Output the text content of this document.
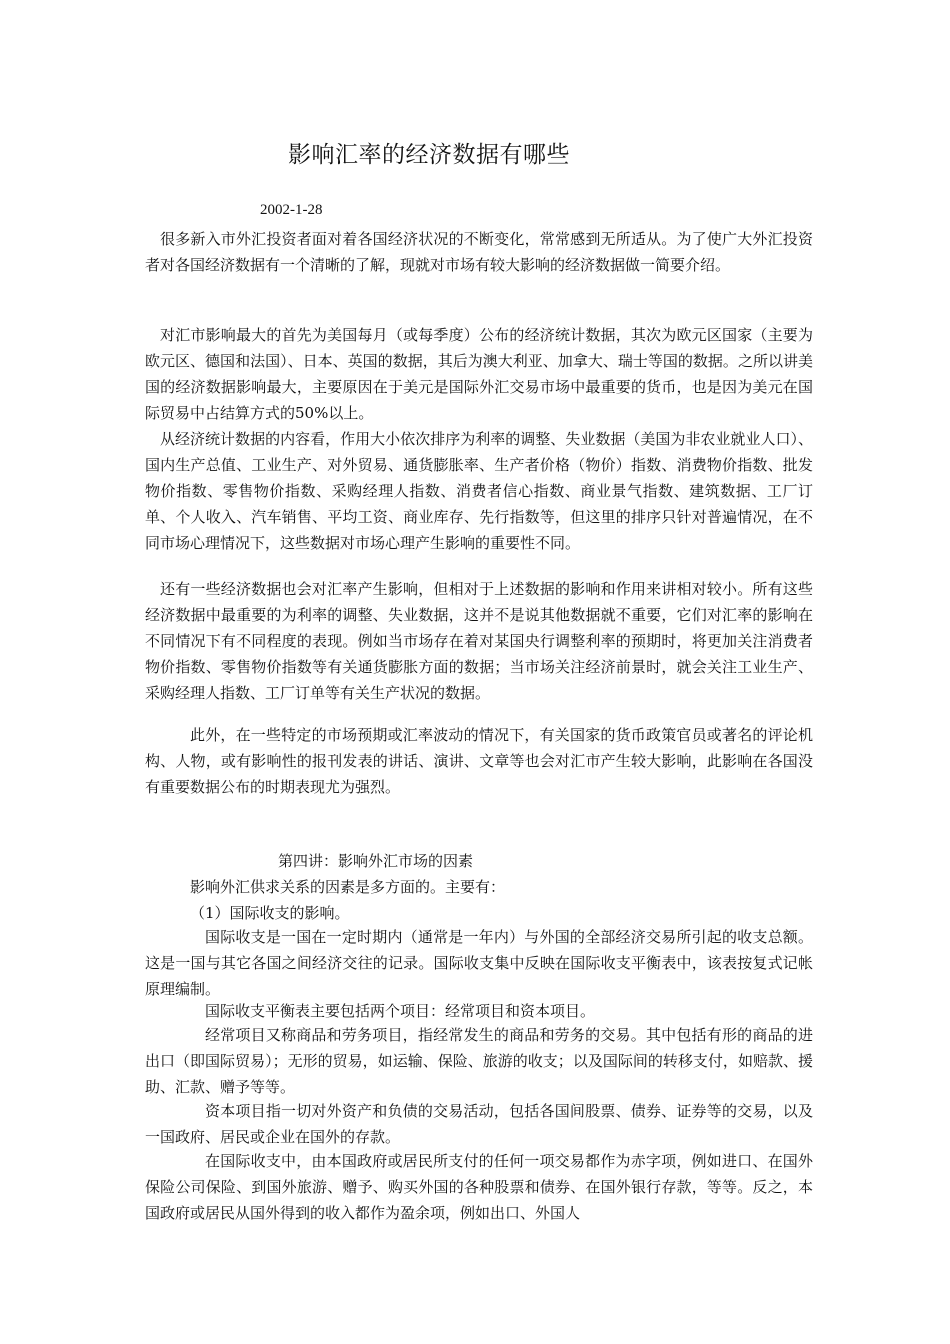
影响汇率的经济数据有哪些
2002-1-28

很多新入市外汇投资者面对着各国经济状况的不断变化，常常感到无所适从。为了使广大外汇投资者对各国经济数据有一个清晰的了解，现就对市场有较大影响的经济数据做一简要介绍。

对汇市影响最大的首先为美国每月（或每季度）公布的经济统计数据，其次为欧元区国家（主要为欧元区、德国和法国）、日本、英国的数据，其后为澳大利亚、加拿大、瑞士等国的数据。之所以讲美国的经济数据影响最大，主要原因在于美元是国际外汇交易市场中最重要的货币，也是因为美元在国际贸易中占结算方式的50%以上。

从经济统计数据的内容看，作用大小依次排序为利率的调整、失业数据（美国为非农业就业人口）、国内生产总值、工业生产、对外贸易、通货膨胀率、生产者价格（物价）指数、消费物价指数、批发物价指数、零售物价指数、采购经理人指数、消费者信心指数、商业景气指数、建筑数据、工厂订单、个人收入、汽车销售、平均工资、商业库存、先行指数等，但这里的排序只针对普遍情况，在不同市场心理情况下，这些数据对市场心理产生影响的重要性不同。

还有一些经济数据也会对汇率产生影响，但相对于上述数据的影响和作用来讲相对较小。所有这些经济数据中最重要的为利率的调整、失业数据，这并不是说其他数据就不重要，它们对汇率的影响在不同情况下有不同程度的表现。例如当市场存在着对某国央行调整利率的预期时，将更加关注消费者物价指数、零售物价指数等有关通货膨胀方面的数据；当市场关注经济前景时，就会关注工业生产、采购经理人指数、工厂订单等有关生产状况的数据。

此外，在一些特定的市场预期或汇率波动的情况下，有关国家的货币政策官员或著名的评论机构、人物，或有影响性的报刊发表的讲话、演讲、文章等也会对汇市产生较大影响，此影响在各国没有重要数据公布的时期表现尤为强烈。

第四讲：影响外汇市场的因素

影响外汇供求关系的因素是多方面的。主要有：

（1）国际收支的影响。

国际收支是一国在一定时期内（通常是一年内）与外国的全部经济交易所引起的收支总额。这是一国与其它各国之间经济交往的记录。国际收支集中反映在国际收支平衡表中，该表按复式记帐原理编制。

国际收支平衡表主要包括两个项目：经常项目和资本项目。

经常项目又称商品和劳务项目，指经常发生的商品和劳务的交易。其中包括有形的商品的进出口（即国际贸易）；无形的贸易，如运输、保险、旅游的收支；以及国际间的转移支付，如赔款、援助、汇款、赠予等等。

资本项目指一切对外资产和负债的交易活动，包括各国间股票、债券、证券等的交易，以及一国政府、居民或企业在国外的存款。

在国际收支中，由本国政府或居民所支付的任何一项交易都作为赤字项，例如进口、在国外保险公司保险、到国外旅游、赠予、购买外国的各种股票和债券、在国外银行存款，等等。反之，本国政府或居民从国外得到的收入都作为盈余项，例如出口、外国人
